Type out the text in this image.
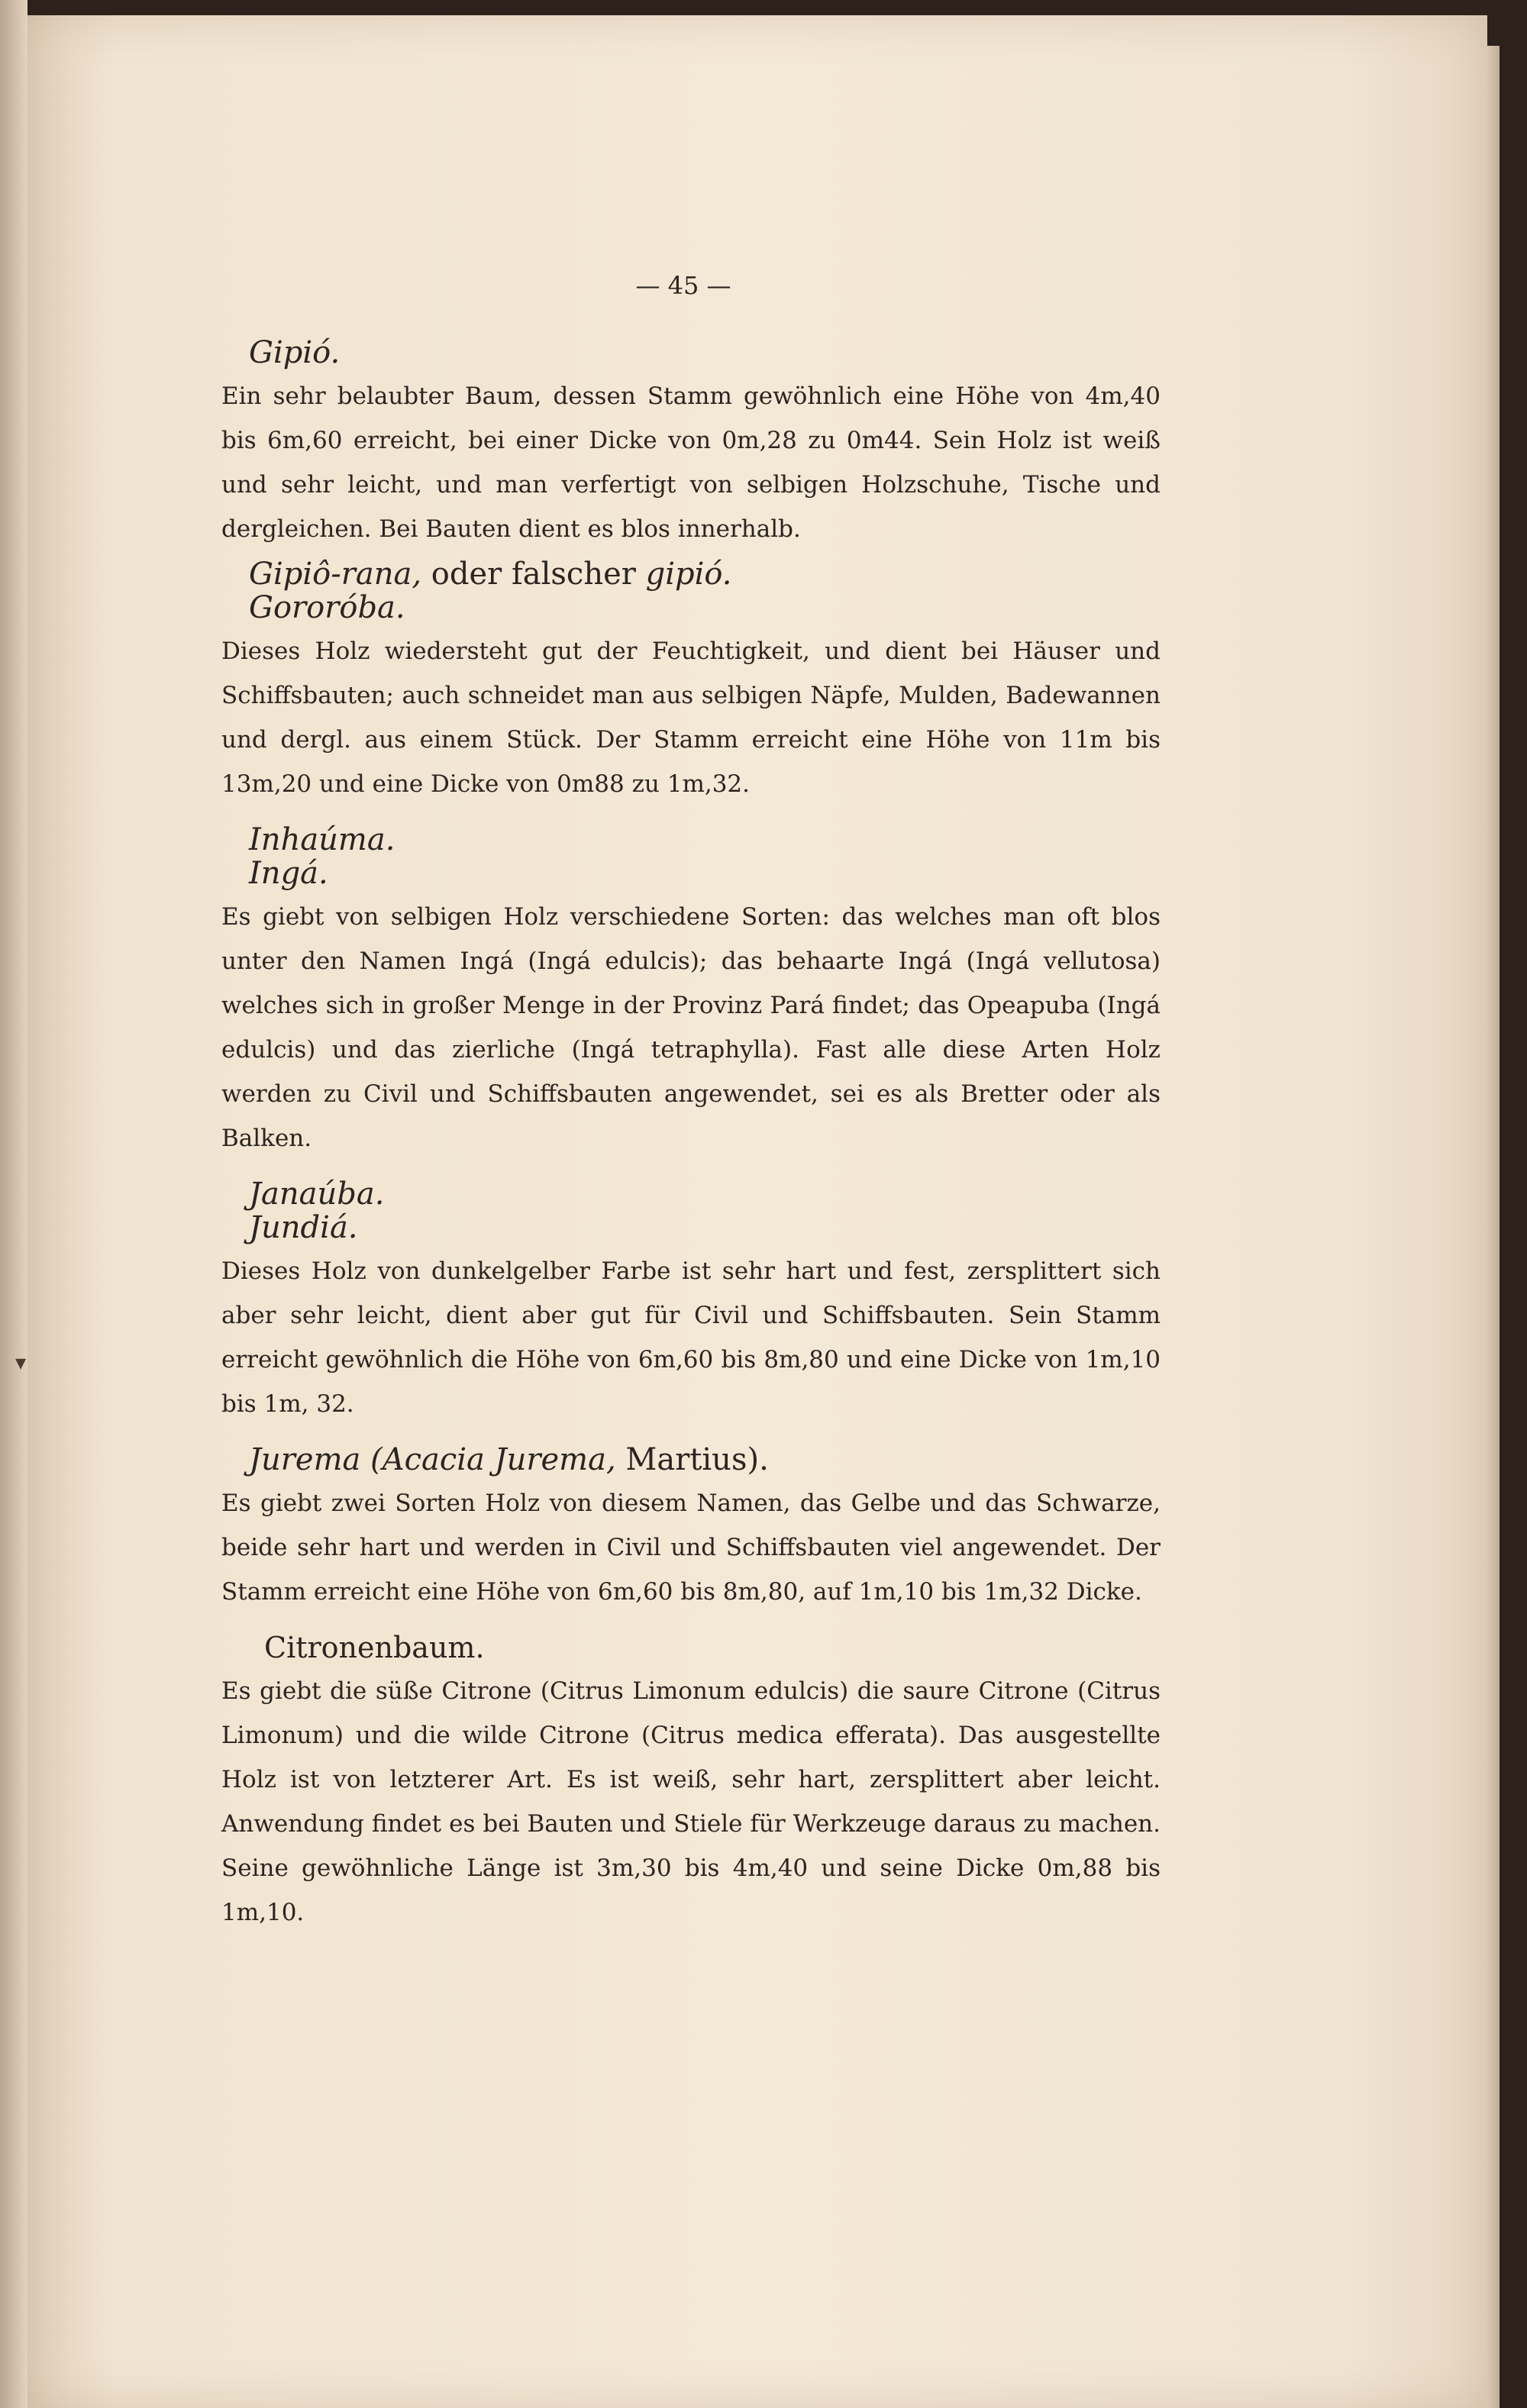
— 45 —
▾

Gipió.

Ein sehr belaubter Baum, dessen Stamm gewöhnlich eine Höhe von 4m,40 bis 6m,60 erreicht, bei einer Dicke von 0m,28 zu 0m44. Sein Holz ist weiß und sehr leicht, und man verfertigt von selbigen Holzschuhe, Tische und dergleichen. Bei Bauten dient es blos innerhalb.

Gipiô-rana, oder falscher gipió.

Gororóba.

Dieses Holz wiedersteht gut der Feuchtigkeit, und dient bei Häuser und Schiffsbauten; auch schneidet man aus selbigen Näpfe, Mulden, Badewannen und dergl. aus einem Stück. Der Stamm erreicht eine Höhe von 11m bis 13m,20 und eine Dicke von 0m88 zu 1m,32.

Inhaúma.

Ingá.

Es giebt von selbigen Holz verschiedene Sorten: das welches man oft blos unter den Namen Ingá (Ingá edulcis); das behaarte Ingá (Ingá vellutosa) welches sich in großer Menge in der Provinz Pará findet; das Opeapuba (Ingá edulcis) und das zierliche (Ingá tetraphylla). Fast alle diese Arten Holz werden zu Civil und Schiffsbauten angewendet, sei es als Bretter oder als Balken.

Janaúba.

Jundiá.

Dieses Holz von dunkelgelber Farbe ist sehr hart und fest, zersplittert sich aber sehr leicht, dient aber gut für Civil und Schiffsbauten. Sein Stamm erreicht gewöhnlich die Höhe von 6m,60 bis 8m,80 und eine Dicke von 1m,10 bis 1m, 32.

Jurema (Acacia Jurema, Martius).

Es giebt zwei Sorten Holz von diesem Namen, das Gelbe und das Schwarze, beide sehr hart und werden in Civil und Schiffsbauten viel angewendet. Der Stamm erreicht eine Höhe von 6m,60 bis 8m,80, auf 1m,10 bis 1m,32 Dicke.

Citronenbaum.

Es giebt die süße Citrone (Citrus Limonum edulcis) die saure Citrone (Citrus Limonum) und die wilde Citrone (Citrus medica efferata). Das ausgestellte Holz ist von letzterer Art. Es ist weiß, sehr hart, zersplittert aber leicht. Anwendung findet es bei Bauten und Stiele für Werkzeuge daraus zu machen. Seine gewöhnliche Länge ist 3m,30 bis 4m,40 und seine Dicke 0m,88 bis 1m,10.
